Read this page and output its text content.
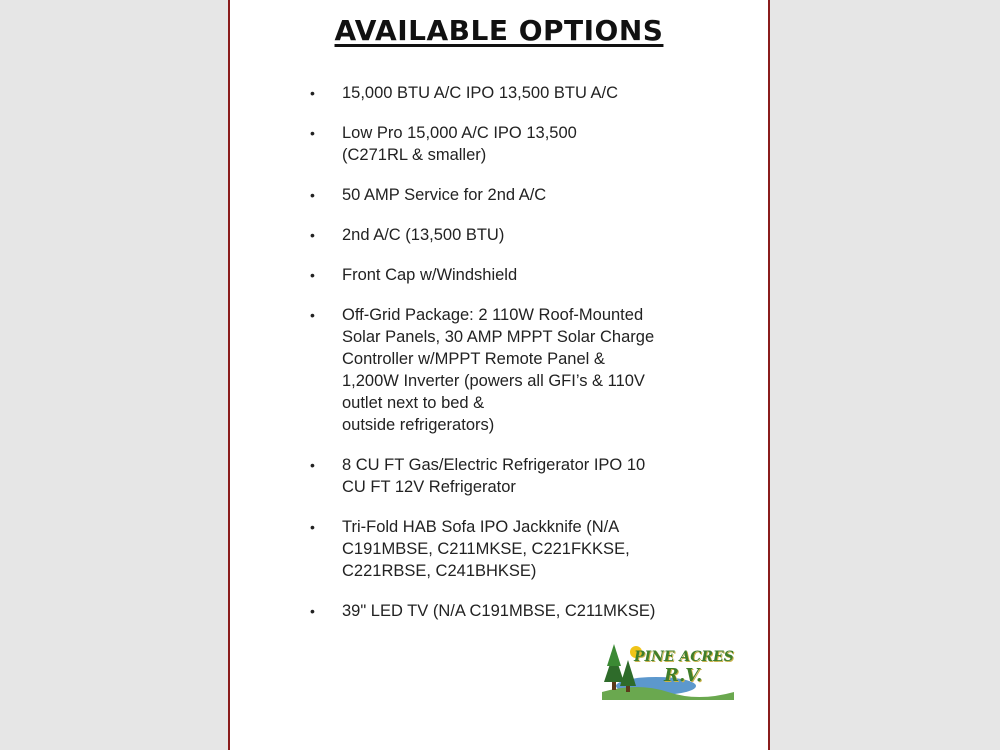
AVAILABLE OPTIONS
• 15,000 BTU A/C IPO 13,500 BTU A/C
• Low Pro 15,000 A/C IPO 13,500
(C271RL & smaller)
• 50 AMP Service for 2nd A/C
• 2nd A/C (13,500 BTU)
• Front Cap w/Windshield
• Off-Grid Package: 2 110W Roof-Mounted
Solar Panels, 30 AMP MPPT Solar Charge
Controller w/MPPT Remote Panel &
1,200W Inverter (powers all GFI’s & 110V
outlet next to bed &
outside refrigerators)
• 8 CU FT Gas/Electric Refrigerator IPO 10
CU FT 12V Refrigerator
• Tri-Fold HAB Sofa IPO Jackknife (N/A
C191MBSE, C211MKSE, C221FKKSE,
C221RBSE, C241BHKSE)
• 39" LED TV (N/A C191MBSE, C211MKSE)
PINE ACRES
R.V.
